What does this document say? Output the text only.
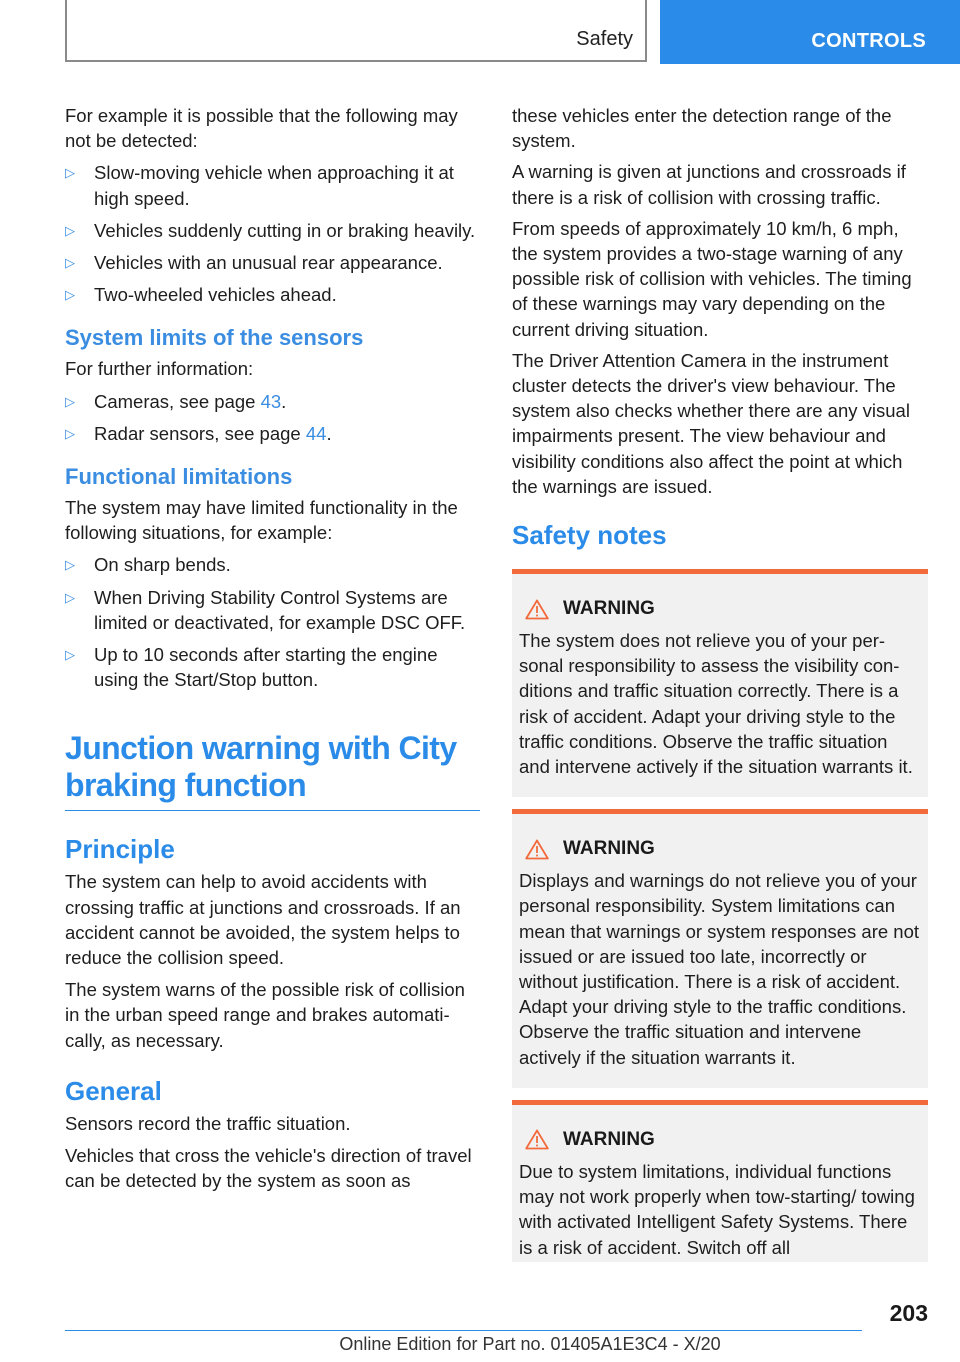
Safety	CONTROLS

For example it is possible that the following may not be detected:

▷ Slow-moving vehicle when approaching it at high speed.
▷ Vehicles suddenly cutting in or braking heavily.
▷ Vehicles with an unusual rear appearance.
▷ Two-wheeled vehicles ahead.
System limits of the sensors

For further information:

▷ Cameras, see page 43.
▷ Radar sensors, see page 44.
Functional limitations

The system may have limited functionality in the following situations, for example:

▷ On sharp bends.
▷ When Driving Stability Control Systems are limited or deactivated, for example DSC OFF.
▷ Up to 10 seconds after starting the engine using the Start/Stop button.
Junction warning with City
braking function
Principle

The system can help to avoid accidents with crossing traffic at junctions and crossroads. If an accident cannot be avoided, the system helps to reduce the collision speed.

The system warns of the possible risk of collision in the urban speed range and brakes automatically, as necessary.

General

Sensors record the traffic situation.

Vehicles that cross the vehicle's direction of travel can be detected by the system as soon as

these vehicles enter the detection range of the system.

A warning is given at junctions and crossroads if there is a risk of collision with crossing traffic.

From speeds of approximately 10 km/h, 6 mph, the system provides a two-stage warning of any possible risk of collision with vehicles. The timing of these warnings may vary depending on the current driving situation.

The Driver Attention Camera in the instrument cluster detects the driver's view behaviour. The system also checks whether there are any visual impairments present. The view behaviour and visibility conditions also affect the point at which the warnings are issued.

Safety notes
WARNING

The system does not relieve you of your personal responsibility to assess the visibility conditions and traffic situation correctly. There is a risk of accident. Adapt your driving style to the traffic conditions. Observe the traffic situation and intervene actively if the situation warrants it.

WARNING

Displays and warnings do not relieve you of your personal responsibility. System limitations can mean that warnings or system responses are not issued or are issued too late, incorrectly or without justification. There is a risk of accident. Adapt your driving style to the traffic conditions. Observe the traffic situation and intervene actively if the situation warrants it.

WARNING

Due to system limitations, individual functions may not work properly when tow-starting/ towing with activated Intelligent Safety Systems. There is a risk of accident. Switch off all

203
Online Edition for Part no. 01405A1E3C4 - X/20
